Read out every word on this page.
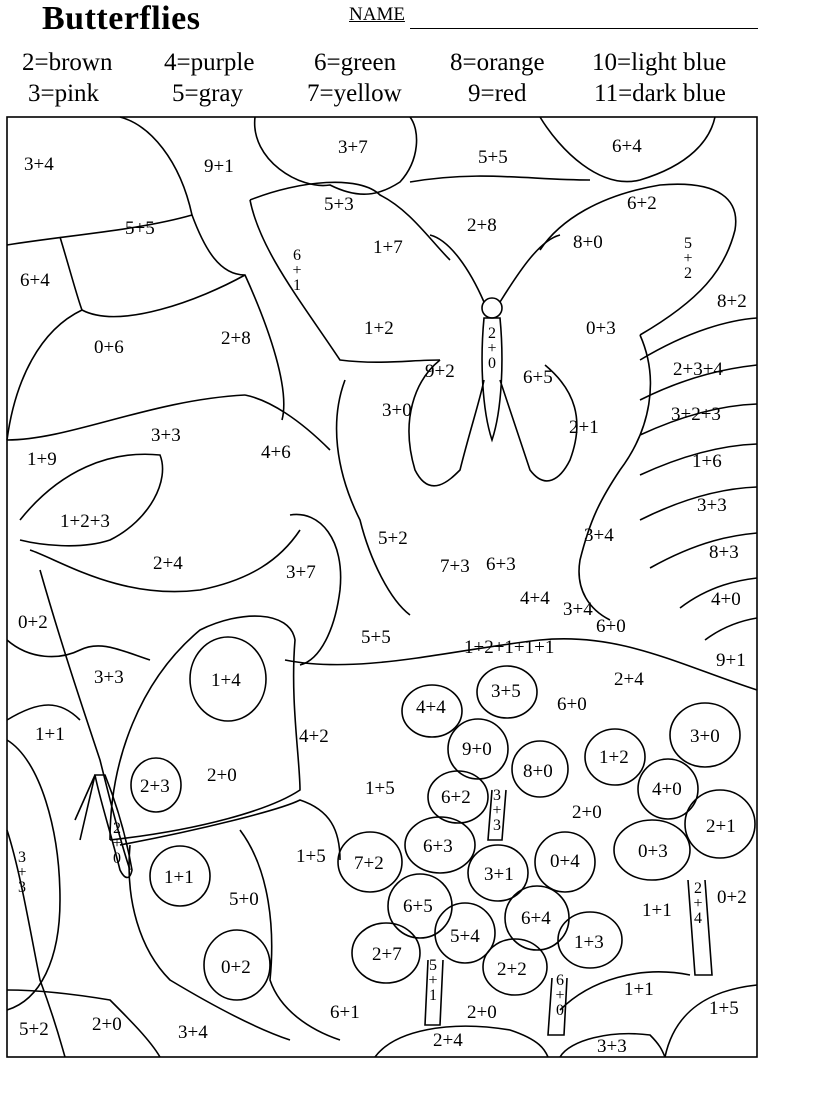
Butterflies	NAME
2=brown
3=pink
4=purple
5=gray
6=green
7=yellow
8=orange
9=red
10=light blue
11=dark blue
3+4	9+1
3+7	5+5
6+4
5+5
5+3
2+8
6+2
1+7	8+0
6+4
8+2
0+6	2+8	1+2	0+3
9+2	6+5	2+3+4
3+0
2+1
3+2+3
3+3
1+9	4+6	1+6
1+2+3
5+2
3+3
2+4	3+7	7+3 6+3
8+3
3+4
4+4
3+4	4+0
0+2	6+0
5+5	1+2+1+1+1
9+1
3+3	1+4	2+4
3+5
4+4	6+0
1+1	4+2
9+0
3+0
1+2
2+3
2+0	8+0
1+5 6+2	4+0
2+0
2+1
6+3
0+4
1+5 7+2
3+1
0+3
1+1
5+0	6+5	0+2
6+4
5+4
1+1
1+3
2+7
0+2	2+2
1+1
6+1	2+0	1+5
5+2 2+0	3+4	2+4	3+3
6 + 1
5 + 2
2 + 0
2 + 0
3 + 3
3 + 3	2 + 4
5 + 1
6 + 0
